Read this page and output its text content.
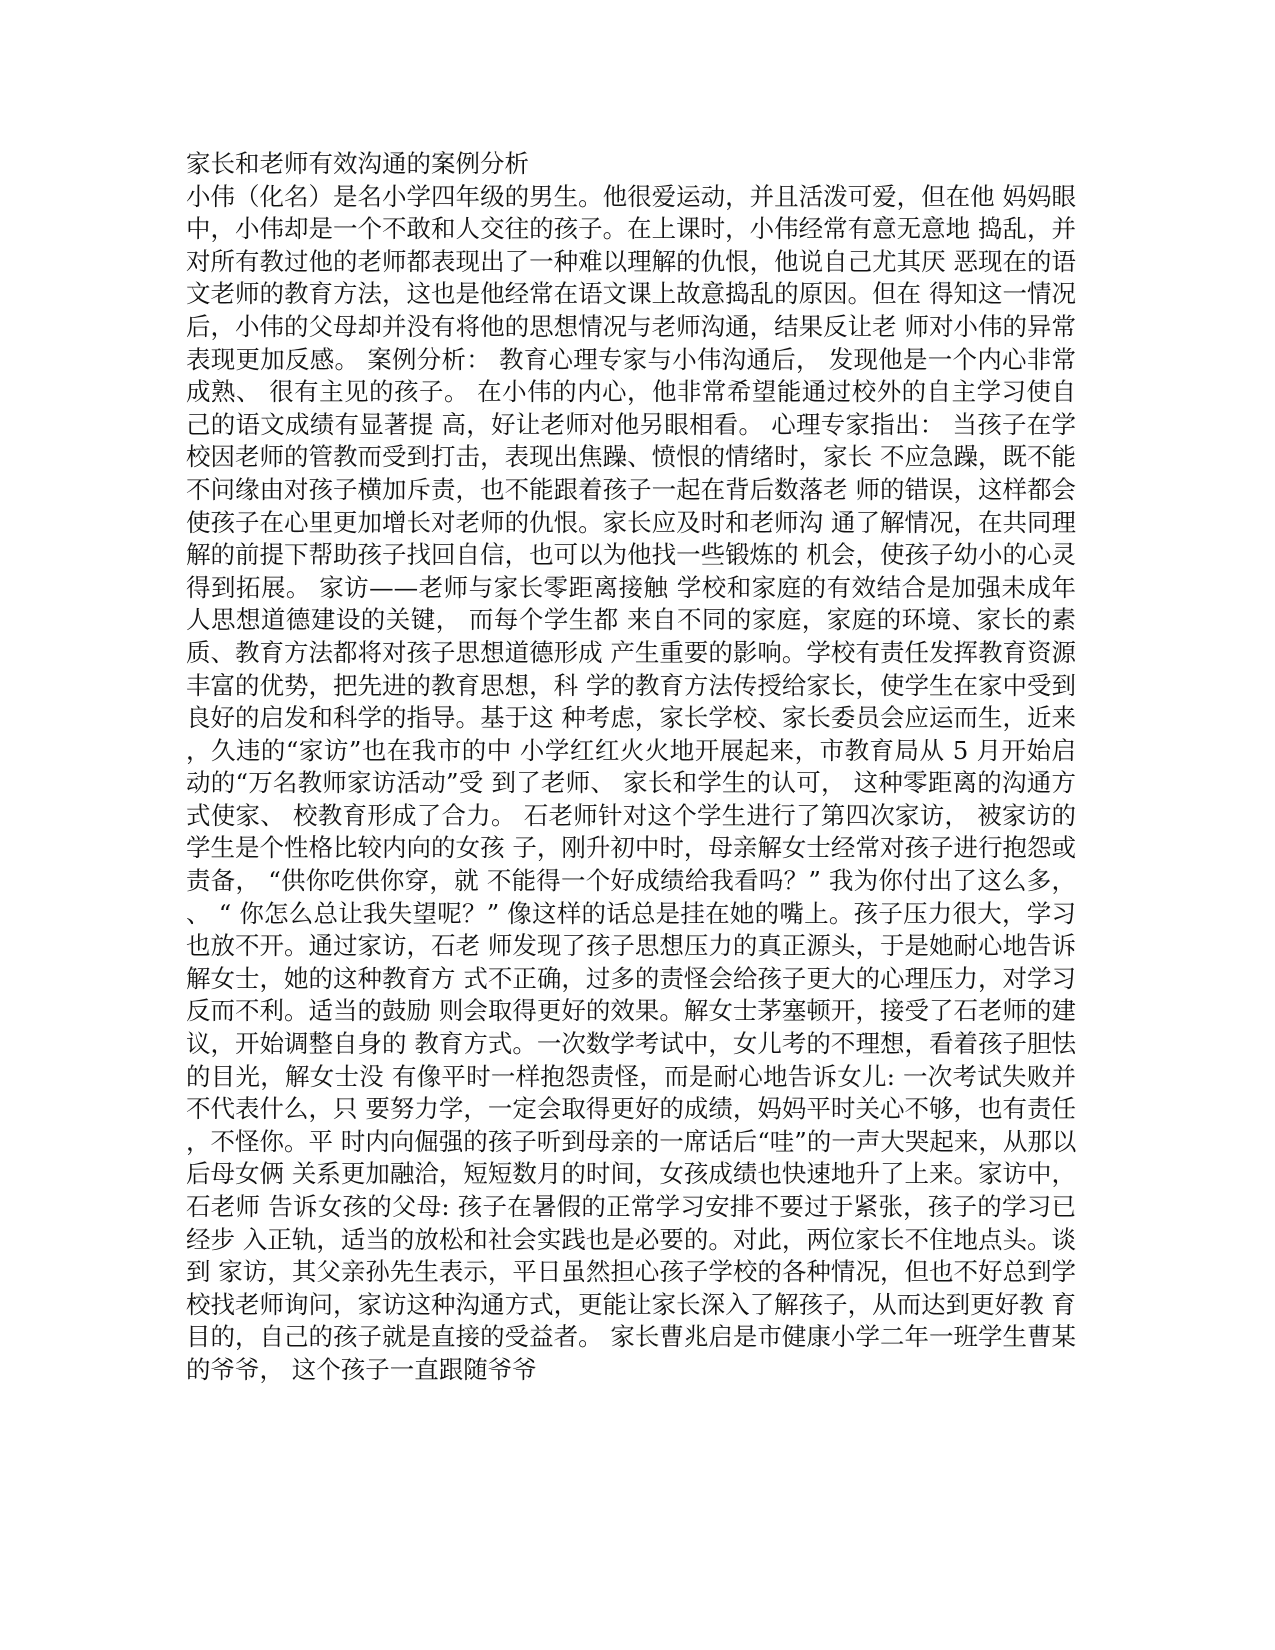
家长和老师有效沟通的案例分析
小伟（化名）是名小学四年级的男生。他很爱运动，并且活泼可爱，但在他 妈妈眼
中，小伟却是一个不敢和人交往的孩子。在上课时，小伟经常有意无意地 捣乱，并
对所有教过他的老师都表现出了一种难以理解的仇恨，他说自己尤其厌 恶现在的语
文老师的教育方法，这也是他经常在语文课上故意捣乱的原因。但在 得知这一情况
后，小伟的父母却并没有将他的思想情况与老师沟通，结果反让老 师对小伟的异常
表现更加反感。 案例分析： 教育心理专家与小伟沟通后， 发现他是一个内心非常
成熟、 很有主见的孩子。 在小伟的内心，他非常希望能通过校外的自主学习使自
己的语文成绩有显著提 高，好让老师对他另眼相看。 心理专家指出： 当孩子在学
校因老师的管教而受到打击，表现出焦躁、愤恨的情绪时，家长 不应急躁，既不能
不问缘由对孩子横加斥责，也不能跟着孩子一起在背后数落老 师的错误，这样都会
使孩子在心里更加增长对老师的仇恨。家长应及时和老师沟 通了解情况，在共同理
解的前提下帮助孩子找回自信，也可以为他找一些锻炼的 机会，使孩子幼小的心灵
得到拓展。 家访——老师与家长零距离接触 学校和家庭的有效结合是加强未成年
人思想道德建设的关键， 而每个学生都 来自不同的家庭，家庭的环境、家长的素
质、教育方法都将对孩子思想道德形成 产生重要的影响。学校有责任发挥教育资源
丰富的优势，把先进的教育思想，科 学的教育方法传授给家长，使学生在家中受到
良好的启发和科学的指导。基于这 种考虑，家长学校、家长委员会应运而生，近来
，久违的“家访”也在我市的中 小学红红火火地开展起来，市教育局从 5 月开始启
动的“万名教师家访活动”受 到了老师、 家长和学生的认可， 这种零距离的沟通方
式使家、 校教育形成了合力。 石老师针对这个学生进行了第四次家访， 被家访的
学生是个性格比较内向的女孩 子，刚升初中时，母亲解女士经常对孩子进行抱怨或
责备， “供你吃供你穿，就 不能得一个好成绩给我看吗？” 我为你付出了这么多，
、 “ 你怎么总让我失望呢？” 像这样的话总是挂在她的嘴上。孩子压力很大，学习
也放不开。通过家访，石老 师发现了孩子思想压力的真正源头，于是她耐心地告诉
解女士，她的这种教育方 式不正确，过多的责怪会给孩子更大的心理压力，对学习
反而不利。适当的鼓励 则会取得更好的效果。解女士茅塞顿开，接受了石老师的建
议，开始调整自身的 教育方式。一次数学考试中，女儿考的不理想，看着孩子胆怯
的目光，解女士没 有像平时一样抱怨责怪，而是耐心地告诉女儿: 一次考试失败并
不代表什么，只 要努力学，一定会取得更好的成绩，妈妈平时关心不够，也有责任
，不怪你。平 时内向倔强的孩子听到母亲的一席话后“哇”的一声大哭起来，从那以
后母女俩 关系更加融洽，短短数月的时间，女孩成绩也快速地升了上来。家访中，
石老师 告诉女孩的父母: 孩子在暑假的正常学习安排不要过于紧张，孩子的学习已
经步 入正轨，适当的放松和社会实践也是必要的。对此，两位家长不住地点头。谈
到 家访，其父亲孙先生表示，平日虽然担心孩子学校的各种情况，但也不好总到学
校找老师询问，家访这种沟通方式，更能让家长深入了解孩子，从而达到更好教 育
目的，自己的孩子就是直接的受益者。 家长曹兆启是市健康小学二年一班学生曹某
的爷爷， 这个孩子一直跟随爷爷
